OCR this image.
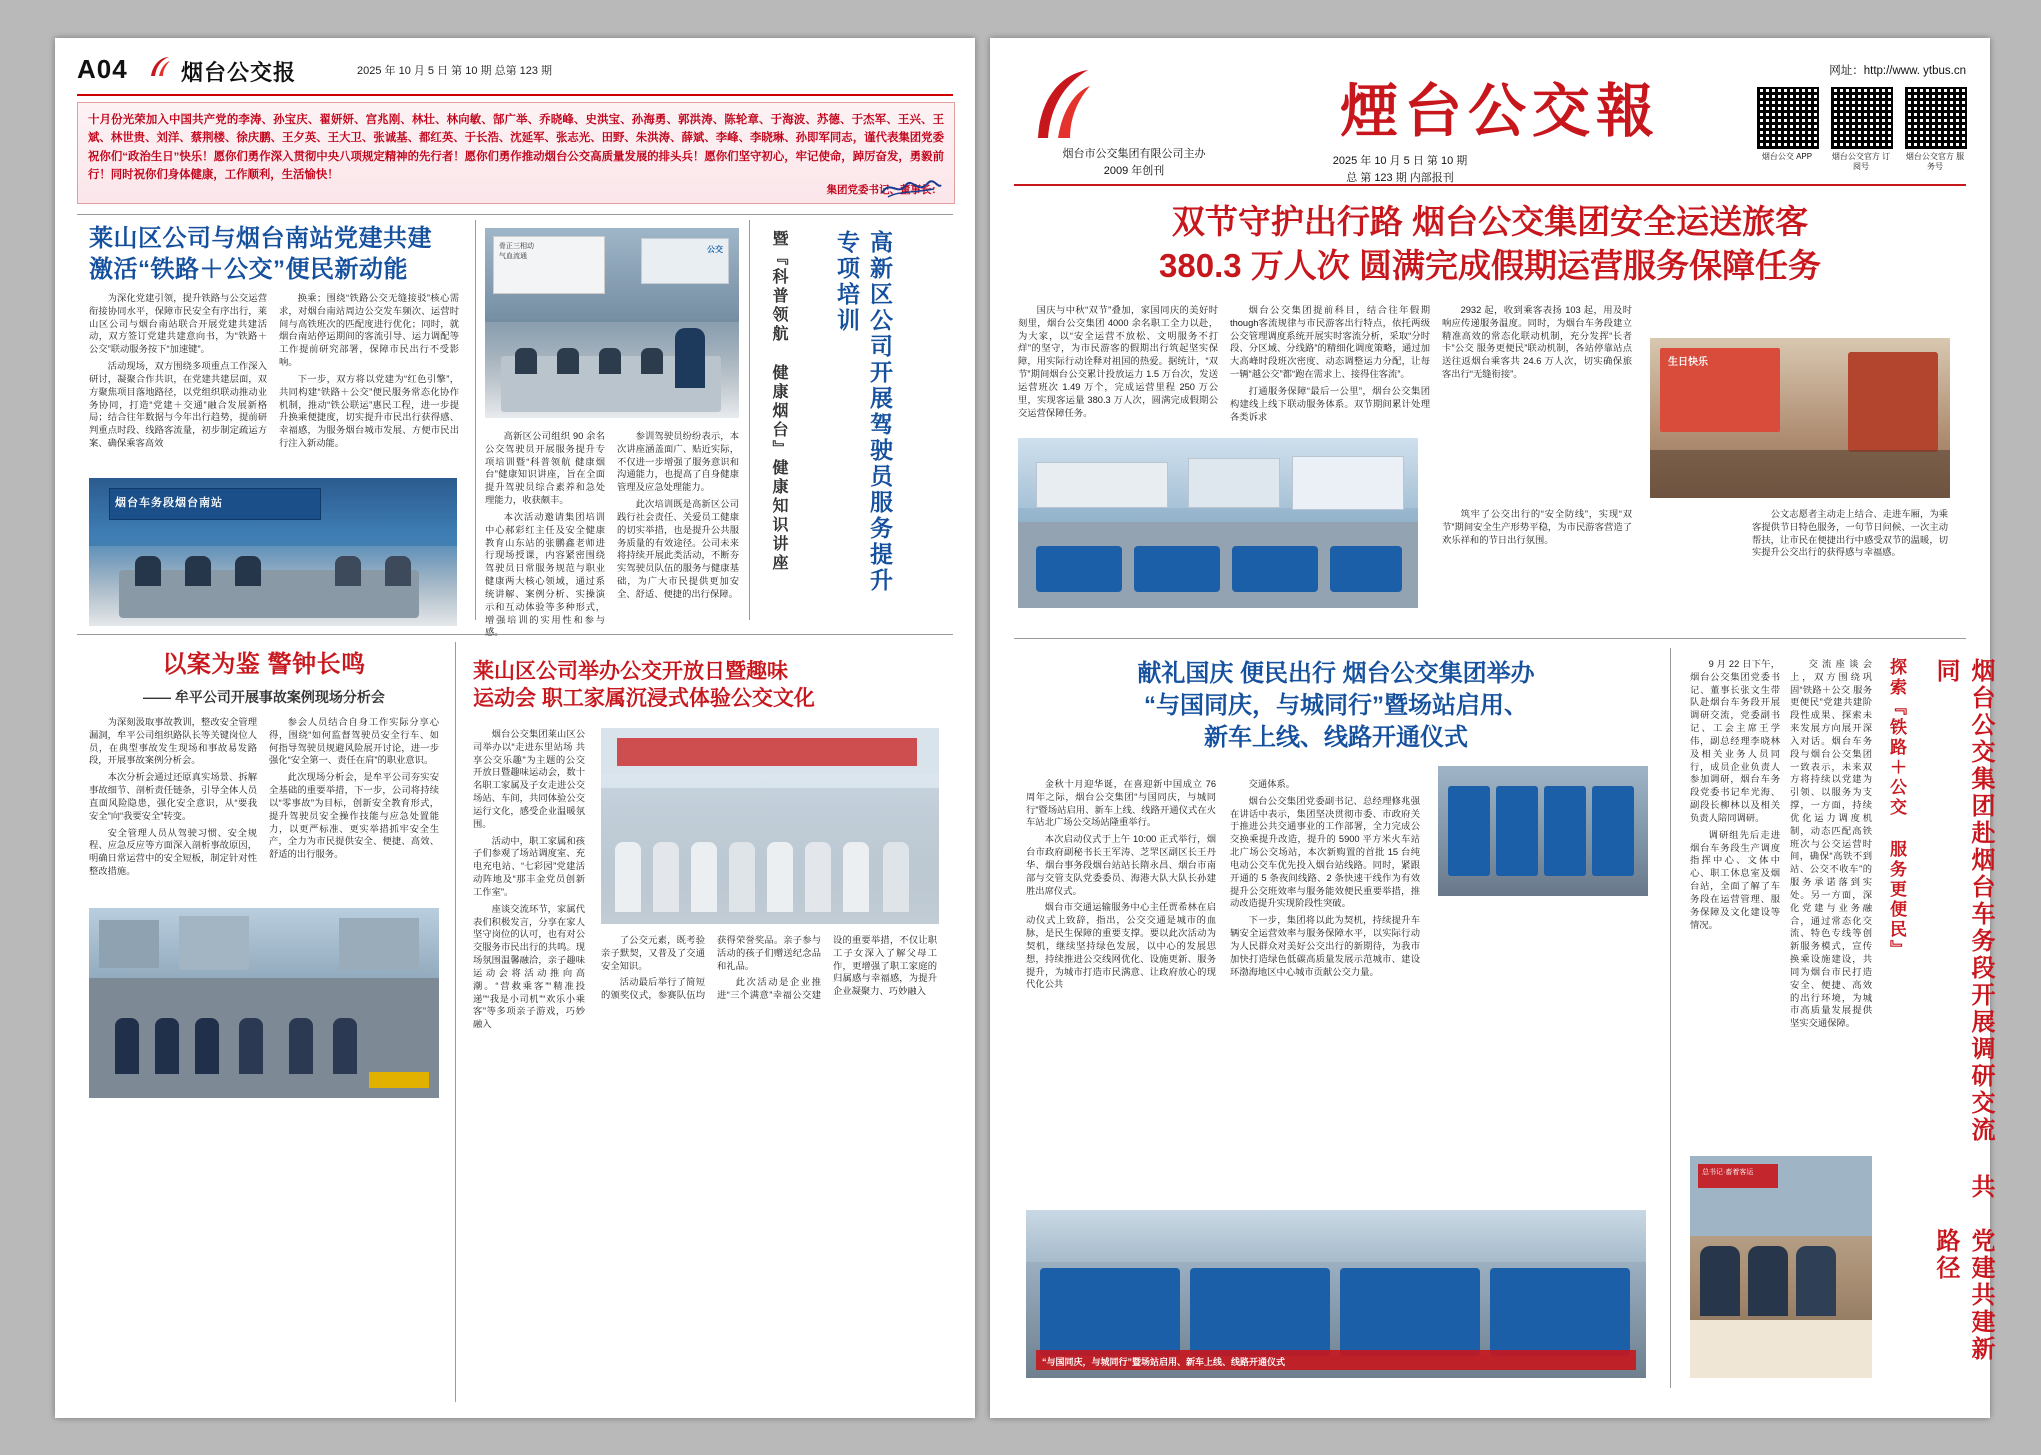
A04 烟台公交报	2025 年 10 月 5 日 第 10 期 总第 123 期
十月份光荣加入中国共产党的李涛、孙宝庆、翟妍妍、宫兆刚、林壮、林向敏、郜广举、乔晓峰、史洪宝、孙海勇、郭洪涛、陈轮章、于海波、苏德、于杰军、王兴、王斌、林世贵、刘洋、蔡荆楼、徐庆鹏、王夕英、王大卫、张诚基、都红英、于长浩、沈延军、张志光、田野、朱洪涛、薛斌、李峰、李晓琳、孙即军同志，谨代表集团党委祝你们“政治生日”快乐！愿你们勇作深入贯彻中央八项规定精神的先行者！愿你们勇作推动烟台公交高质量发展的排头兵！愿你们坚守初心，牢记使命，踔厉奋发，勇毅前行！同时祝你们身体健康，工作顺利，生活愉快！
集团党委书记、董事长：
莱山区公司与烟台南站党建共建
激活“铁路＋公交”便民新动能

为深化党建引领，提升铁路与公交运营衔接协同水平，保障市民安全有序出行，莱山区公司与烟台南站联合开展党建共建活动，双方签订党建共建意向书，为“铁路＋公交”联动服务按下“加速键”。

活动现场，双方围绕多项重点工作深入研讨，凝聚合作共识，在党建共建层面，双方聚焦项目落地路径，以党组织联动推动业务协同，打造“党建＋交通”融合发展新格局；结合往年数据与今年出行趋势，提前研判重点时段、线路客流量，初步制定疏运方案、确保乘客高效

换乘；围绕“铁路公交无缝接驳”核心需求，对烟台南站周边公交发车频次、运营时间与高铁班次的匹配度进行优化；同时，就烟台南站停运期间的客流引导、运力调配等工作提前研究部署，保障市民出行不受影响。

下一步，双方将以党建为“红色引擎”，共同构建“铁路＋公交”便民服务常态化协作机制，推动“铁公联运”惠民工程，进一步提升换乘便捷度，切实提升市民出行获得感、幸福感，为服务烟台城市发展、方便市民出行注入新动能。

烟台车务段烟台南站
骨正三相动
气血流通
公交

高新区公司组织 90 余名公交驾驶员开展服务提升专项培训暨“科普领航 健康烟台”健康知识讲座，旨在全面提升驾驶员综合素养和急处理能力，收获颇丰。

本次活动邀请集团培训中心郝彩红主任及安全健康教育山东站的张鹏鑫老师进行现场授课，内容紧密围绕驾驶员日常服务规范与职业健康两大核心领域，通过系统讲解、案例分析、实操演示和互动体验等多种形式，增强培训的实用性和参与感。

参训驾驶员纷纷表示，本次讲座涵盖面广、贴近实际，不仅进一步增强了服务意识和沟通能力，也提高了自身健康管理及应急处理能力。

此次培训既是高新区公司践行社会责任、关爱员工健康的切实举措，也是提升公共服务质量的有效途径。公司未来将持续开展此类活动，不断夯实驾驶员队伍的服务与健康基础，为广大市民提供更加安全、舒适、便捷的出行保障。	高新区公司开展驾驶员服务提升专项培训
暨『科普领航 健康烟台』健康知识讲座
以案为鉴 警钟长鸣
—— 牟平公司开展事故案例现场分析会

为深刻汲取事故教训，整改安全管理漏洞，牟平公司组织路队长等关键岗位人员，在典型事故发生现场和事故易发路段，开展事故案例分析会。

本次分析会通过还原真实场景、拆解事故细节、剖析责任链条，引导全体人员直面风险隐患，强化安全意识，从“要我安全”向“我要安全”转变。

安全管理人员从驾驶习惯、安全规程、应急反应等方面深入剖析事故原因，明确日常运营中的安全短板，制定针对性整改措施。

参会人员结合自身工作实际分享心得，围绕“如何监督驾驶员安全行车、如何指导驾驶员规避风险展开讨论，进一步强化“安全第一、责任在肩”的职业意识。

此次现场分析会，是牟平公司夯实安全基础的重要举措，下一步，公司将持续以“零事故”为目标，创新安全教育形式，提升驾驶员安全操作技能与应急处置能力，以更严标准、更实举措抓牢安全生产，全力为市民提供安全、便捷、高效、舒适的出行服务。

莱山区公司举办公交开放日暨趣味
运动会 职工家属沉浸式体验公交文化

烟台公交集团莱山区公司举办以“走进东里站场 共享公交乐趣”为主题的公交开放日暨趣味运动会，数十名职工家属及子女走进公交场站、车间，共同体验公交运行文化，感受企业温暖氛围。

活动中，职工家属和孩子们参观了场站调度室、充电充电站、“七彩园”党建活动阵地及“那丰金党员创新工作室”。

座谈交流环节，家属代表们积极发言，分享在家人坚守岗位的认可，也有对公交服务市民出行的共鸣。现场氛围温馨融洽，亲子趣味运动会将活动推向高潮。“营救乘客”“精准投递”“我是小司机”“欢乐小乘客”等多项亲子游戏，巧妙融入

了公交元素，既考验亲子默契，又普及了交通安全知识。

活动最后举行了简短的颁奖仪式，参赛队伍均获得荣誉奖品。亲子参与活动的孩子们赠送纪念品和礼品。

此次活动是企业推进“三个满意”幸福公交建设的重要举措，不仅让职工子女深入了解父母工作，更增强了职工家庭的归属感与幸福感，为提升企业凝聚力、巧妙融入

烟台市公交集团有限公司主办
2009 年创刊
煙台公交報
2025 年 10 月 5 日 第 10 期
总 第 123 期 内部报刊
网址：http://www. ytbus.cn
烟台公交 APP	烟台公交官方 订阅号
烟台公交官方 服务号
双节守护出行路 烟台公交集团安全运送旅客
380.3 万人次 圆满完成假期运营服务保障任务

国庆与中秋“双节”叠加，家国同庆的美好时刻里，烟台公交集团 4000 余名职工全力以赴，为大家，以“安全运营不放松、文明服务不打烊”的坚守，为市民游客的假期出行筑起坚实保障，用实际行动诠释对祖国的热爱。据统计，“双节”期间烟台公交累计投放运力 1.5 万台次，发送运营班次 1.49 万个，完成运营里程 250 万公里，实现客运量 380.3 万人次，圆满完成假期公交运营保障任务。

烟台公交集团提前科目，结合往年假期though客流规律与市民游客出行特点，依托两级公交管理调度系统开展实时客流分析，采取“分时段、分区域、分线路”的精细化调度策略，通过加大高峰时段班次密度、动态调整运力分配，让每一辆“越公交”都“跑在需求上、接得住客流”。

打通服务保障“最后一公里”，烟台公交集团构建线上线下联动服务体系。双节期间累计处理各类诉求

2932 起，收到乘客表扬 103 起，用及时响应传递服务温度。同时，为烟台车务段建立精准高效的常态化联动机制，充分发挥“长者卡”公交 服务更便民”联动机制，各站停靠站点送往返烟台乘客共 24.6 万人次，切实确保旅客出行“无缝衔接”。

筑牢了公交出行的“安全防线”，实现“双节”期间安全生产形势平稳，为市民游客营造了欢乐祥和的节日出行氛围。

公文志愿者主动走上结合、走进车厢，为乘客提供节日特色服务，一句节日问候、一次主动帮扶，让市民在便捷出行中感受双节的温暖，切实提升公交出行的获得感与幸福感。

生日快乐
献礼国庆 便民出行 烟台公交集团举办
“与国同庆，与城同行”暨场站启用、
新车上线、线路开通仪式

金秋十月迎华诞，在喜迎新中国成立 76 周年之际，烟台公交集团“与国同庆，与城同行”暨场站启用、新车上线、线路开通仪式在火车站北广场公交场站隆重举行。

本次启动仪式于上午 10:00 正式举行，烟台市政府副秘书长王军涛、芝罘区副区长王丹华、烟台事务段烟台站站长隋永昌、烟台市南部与交管支队党委委员、海港大队大队长孙建胜出席仪式。

烟台市交通运输服务中心主任贾希林在启动仪式上致辞，指出，公交交通是城市的血脉，是民生保障的重要支撑。要以此次活动为契机，继续坚持绿色发展，以中心的发展思想，持续推进公交线网优化、设施更新、服务提升，为城市打造市民满意、让政府放心的现代化公共

交通体系。

烟台公交集团党委副书记、总经理修兆强在讲话中表示，集团坚决贯彻市委、市政府关于推进公共交通事业的工作部署，全力完成公交换乘提升改造，提升的 5900 平方米火车站北广场公交场站，本次新购置的首批 15 台纯电动公交车优先投入烟台站线路。同时，紧跟开通的 5 条夜间线路、2 条快速干线作为有效提升公交班效率与服务能效便民重要举措，推动改造提升实现阶段性突破。

下一步，集团将以此为契机，持续提升车辆安全运营效率与服务保障水平，以实际行动为人民群众对美好公交出行的新期待，为我市加快打造绿色低碳高质量发展示范城市、建设环渤海地区中心城市贡献公交力量。

“与国同庆，与城同行”暨场站启用、新车上线、线路开通仪式
烟台公交集团赴烟台车务段开展调研交流 共同
探索『铁路＋公交 服务更便民』
党建共建新路径

9 月 22 日下午，烟台公交集团党委书记、董事长张文生带队赴烟台车务段开展调研交流，党委副书记、工会主席王学伟，副总经理李晓林及相关业务人员同行，成员企业负责人参加调研，烟台车务段党委书记牟光海、副段长柳林以及相关负责人陪同调研。

调研组先后走进烟台车务段生产调度指挥中心、文体中心、职工休息室及烟台站，全面了解了车务段在运营管理、服务保障及文化建设等情况。

交流座谈会上，双方围绕巩固“铁路＋公交 服务更便民”党建共建阶段性成果、探索未来发展方向展开深入对话。烟台车务段与烟台公交集团一致表示，未来双方将持续以党建为引领、以服务为支撑，一方面，持续优化运力调度机制，动态匹配高铁班次与公交运营时间，确保“高铁不到站、公交不收车”的服务承诺落到实处。另一方面，深化党建与业务融合，通过常态化交流、特色专线等创新服务模式，宣传换乘设施建设，共同为烟台市民打造安全、便捷、高效的出行环境，为城市高质量发展提供坚实交通保障。

总书记·畜着客运
